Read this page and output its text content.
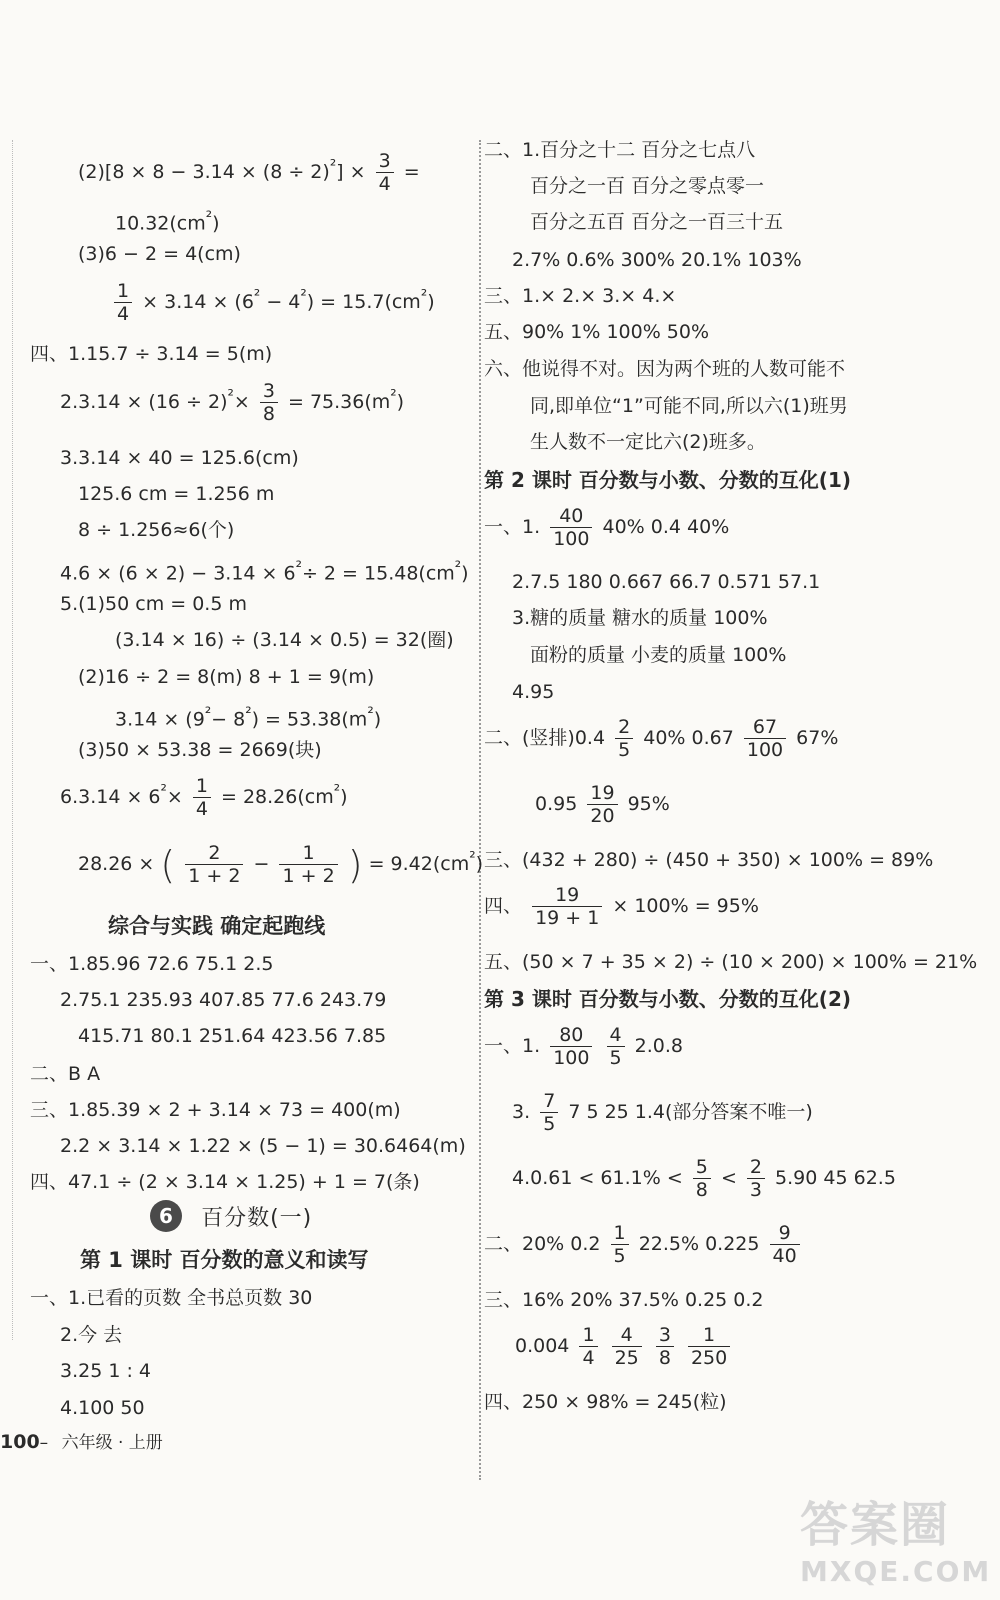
$(2)[8 \times 8 - 3.14 \times (8 \div 2)^{^2}] \times \frac{3}{4}$ =
$10.32(cm^{^2})$
(3)6 − 2 = 4(cm)
$\frac{1}{4} \times 3.14 \times (6^{^2} - 4^{^2}) = 15.7(cm^{^2})$
四、1.15.7 ÷ 3.14 = 5(m)
$2.3.14 \times (16 \div 2)^{^2}\times \frac{3}{8} = 75.36(m^{^2})$
3.3.14 × 40 = 125.6(cm)
125.6 cm = 1.256 m
8 ÷ 1.256≈6(个)
$4.6 \times (6 \times 2) - 3.14 \times 6^{^2}\div 2 = 15.48(cm^{^2})$
5.(1)50 cm = 0.5 m
(3.14 × 16) ÷ (3.14 × 0.5) = 32(圈)
(2)16 ÷ 2 = 8(m) 8 + 1 = 9(m)
$3.14 \times (9^{^2}- 8^{^2}) = 53.38(m^{^2})$
(3)50 × 53.38 = 2669(块)
$6.3.14 \times 6^{^2}\times \frac{1}{4} = 28.26(cm^{^2})$
28.26 × ( $\frac{2}{1 + 2} - \frac{1}{1 + 2}$ ) = $9.42(cm^{^2})$
综合与实践 确定起跑线
一、1.85.96 72.6 75.1 2.5
2.75.1 235.93 407.85 77.6 243.79
415.71 80.1 251.64 423.56 7.85
二、B A
三、1.85.39 × 2 + 3.14 × 73 = 400(m)
2.2 × 3.14 × 1.22 × (5 − 1) = 30.6464(m)
四、47.1 ÷ (2 × 3.14 × 1.25) + 1 = 7(条)
6 百分数(一)
第 1 课时 百分数的意义和读写
一、1.已看的页数 全书总页数 30
2.今 去
3.25 1 : 4
4.100 50
二、1.百分之十二 百分之七点八
百分之一百 百分之零点零一
百分之五百 百分之一百三十五
2.7% 0.6% 300% 20.1% 103%
三、1.× 2.× 3.× 4.×
五、90% 1% 100% 50%
六、他说得不对。因为两个班的人数可能不
同,即单位“1”可能不同,所以六(1)班男
生人数不一定比六(2)班多。
第 2 课时 百分数与小数、分数的互化(1)
一、1. $\frac{40}{100} 40\%$ 0.4 40%
2.7.5 180 0.667 66.7 0.571 57.1
3.糖的质量 糖水的质量 100%
面粉的质量 小麦的质量 100%
4.95
二、(竖排)$0.4 \frac{2}{5} 40\%$ $0.67 \frac{67}{100} 67\%$
$0.95 \frac{19}{20} 95\%$
三、(432 + 280) ÷ (450 + 350) × 100% = 89%
四、 $\frac{19}{19 + 1} \times 100\% = 95\%$
五、(50 × 7 + 35 × 2) ÷ (10 × 200) × 100% = 21%
第 3 课时 百分数与小数、分数的互化(2)
一、1. $\frac{80}{100}$
$\frac{4}{5} 2.0.8$
3. $\frac{7}{5} 7$ 5 25 1.4(部分答案不唯一)
$4.0.61 < 61.1\% < \frac{5}{8} < \frac{2}{3} 5.90$ 45 62.5
二、20% $0.2 \frac{1}{5} 22.5\%$ $0.225 \frac{9}{40}$
三、16% 20% 37.5% 0.25 0.2
$0.004 \frac{1}{4}$
$\frac{4}{25}$
$\frac{3}{8}$
$\frac{1}{250}$
四、250 × 98% = 245(粒)
100– 六年级 · 上册
答案圈
MXQE.COM
